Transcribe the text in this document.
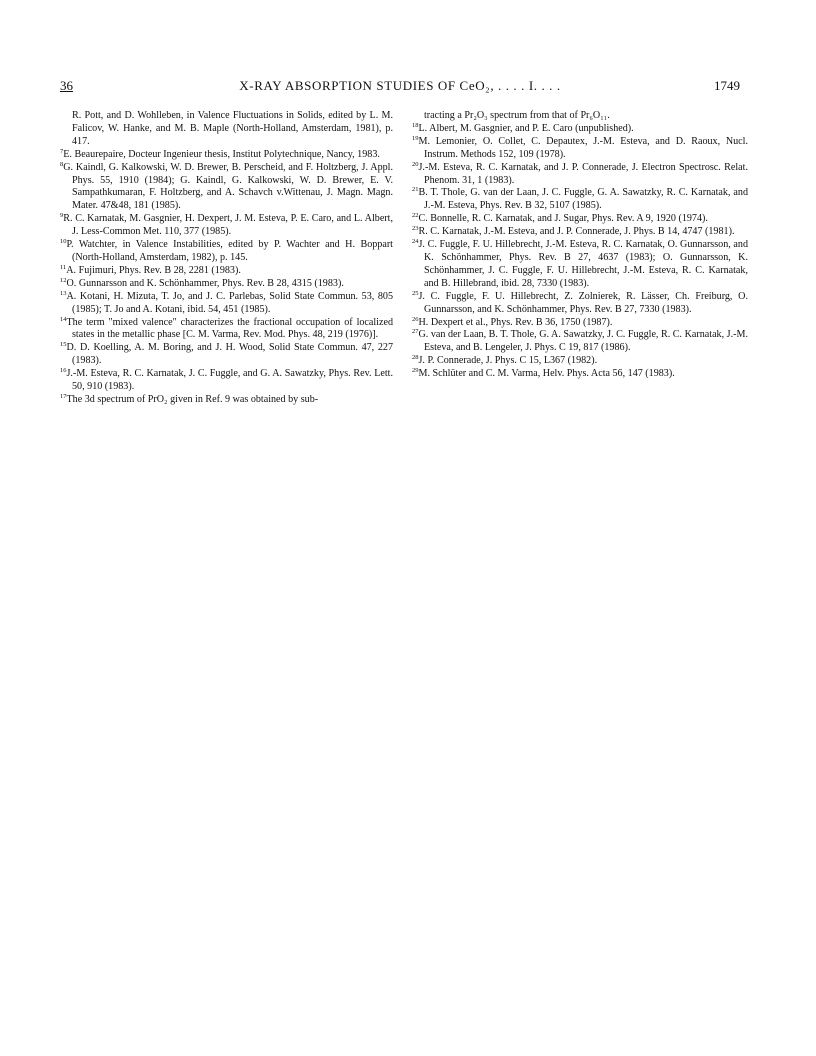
36	X-RAY ABSORPTION STUDIES OF CeO₂, . . . . I. . . .	1749

R. Pott, and D. Wohlleben, in Valence Fluctuations in Solids, edited by L. M. Falicov, W. Hanke, and M. B. Maple (North-Holland, Amsterdam, 1981), p. 417.

$^7$E. Beaurepaire, Docteur Ingenieur thesis, Institut Polytechnique, Nancy, 1983.

$^8$G. Kaindl, G. Kalkowski, W. D. Brewer, B. Perscheid, and F. Holtzberg, J. Appl. Phys. 55, 1910 (1984); G. Kaindl, G. Kalkowski, W. D. Brewer, E. V. Sampathkumaran, F. Holtzberg, and A. Schavch v.Wittenau, J. Magn. Magn. Mater. 47&48, 181 (1985).

$^9$R. C. Karnatak, M. Gasgnier, H. Dexpert, J. M. Esteva, P. E. Caro, and L. Albert, J. Less-Common Met. 110, 377 (1985).

$^{10}$P. Watchter, in Valence Instabilities, edited by P. Wachter and H. Boppart (North-Holland, Amsterdam, 1982), p. 145.

$^{11}$A. Fujimuri, Phys. Rev. B 28, 2281 (1983).

$^{12}$O. Gunnarsson and K. Schönhammer, Phys. Rev. B 28, 4315 (1983).

$^{13}$A. Kotani, H. Mizuta, T. Jo, and J. C. Parlebas, Solid State Commun. 53, 805 (1985); T. Jo and A. Kotani, ibid. 54, 451 (1985).

$^{14}$The term "mixed valence" characterizes the fractional occupation of localized states in the metallic phase [C. M. Varma, Rev. Mod. Phys. 48, 219 (1976)].

$^{15}$D. D. Koelling, A. M. Boring, and J. H. Wood, Solid State Commun. 47, 227 (1983).

$^{16}$J.-M. Esteva, R. C. Karnatak, J. C. Fuggle, and G. A. Sawatzky, Phys. Rev. Lett. 50, 910 (1983).

$^{17}$The 3d spectrum of PrO₂ given in Ref. 9 was obtained by sub-

tracting a Pr₂O₃ spectrum from that of Pr₆O₁₁.

$^{18}$L. Albert, M. Gasgnier, and P. E. Caro (unpublished).

$^{19}$M. Lemonier, O. Collet, C. Depautex, J.-M. Esteva, and D. Raoux, Nucl. Instrum. Methods 152, 109 (1978).

$^{20}$J.-M. Esteva, R. C. Karnatak, and J. P. Connerade, J. Electron Spectrosc. Relat. Phenom. 31, 1 (1983).

$^{21}$B. T. Thole, G. van der Laan, J. C. Fuggle, G. A. Sawatzky, R. C. Karnatak, and J.-M. Esteva, Phys. Rev. B 32, 5107 (1985).

$^{22}$C. Bonnelle, R. C. Karnatak, and J. Sugar, Phys. Rev. A 9, 1920 (1974).

$^{23}$R. C. Karnatak, J.-M. Esteva, and J. P. Connerade, J. Phys. B 14, 4747 (1981).

$^{24}$J. C. Fuggle, F. U. Hillebrecht, J.-M. Esteva, R. C. Karnatak, O. Gunnarsson, and K. Schönhammer, Phys. Rev. B 27, 4637 (1983); O. Gunnarsson, K. Schönhammer, J. C. Fuggle, F. U. Hillebrecht, J.-M. Esteva, R. C. Karnatak, and B. Hillebrand, ibid. 28, 7330 (1983).

$^{25}$J. C. Fuggle, F. U. Hillebrecht, Z. Zolnierek, R. Lässer, Ch. Freiburg, O. Gunnarsson, and K. Schönhammer, Phys. Rev. B 27, 7330 (1983).

$^{26}$H. Dexpert et al., Phys. Rev. B 36, 1750 (1987).

$^{27}$G. van der Laan, B. T. Thole, G. A. Sawatzky, J. C. Fuggle, R. C. Karnatak, J.-M. Esteva, and B. Lengeler, J. Phys. C 19, 817 (1986).

$^{28}$J. P. Connerade, J. Phys. C 15, L367 (1982).

$^{29}$M. Schlüter and C. M. Varma, Helv. Phys. Acta 56, 147 (1983).
